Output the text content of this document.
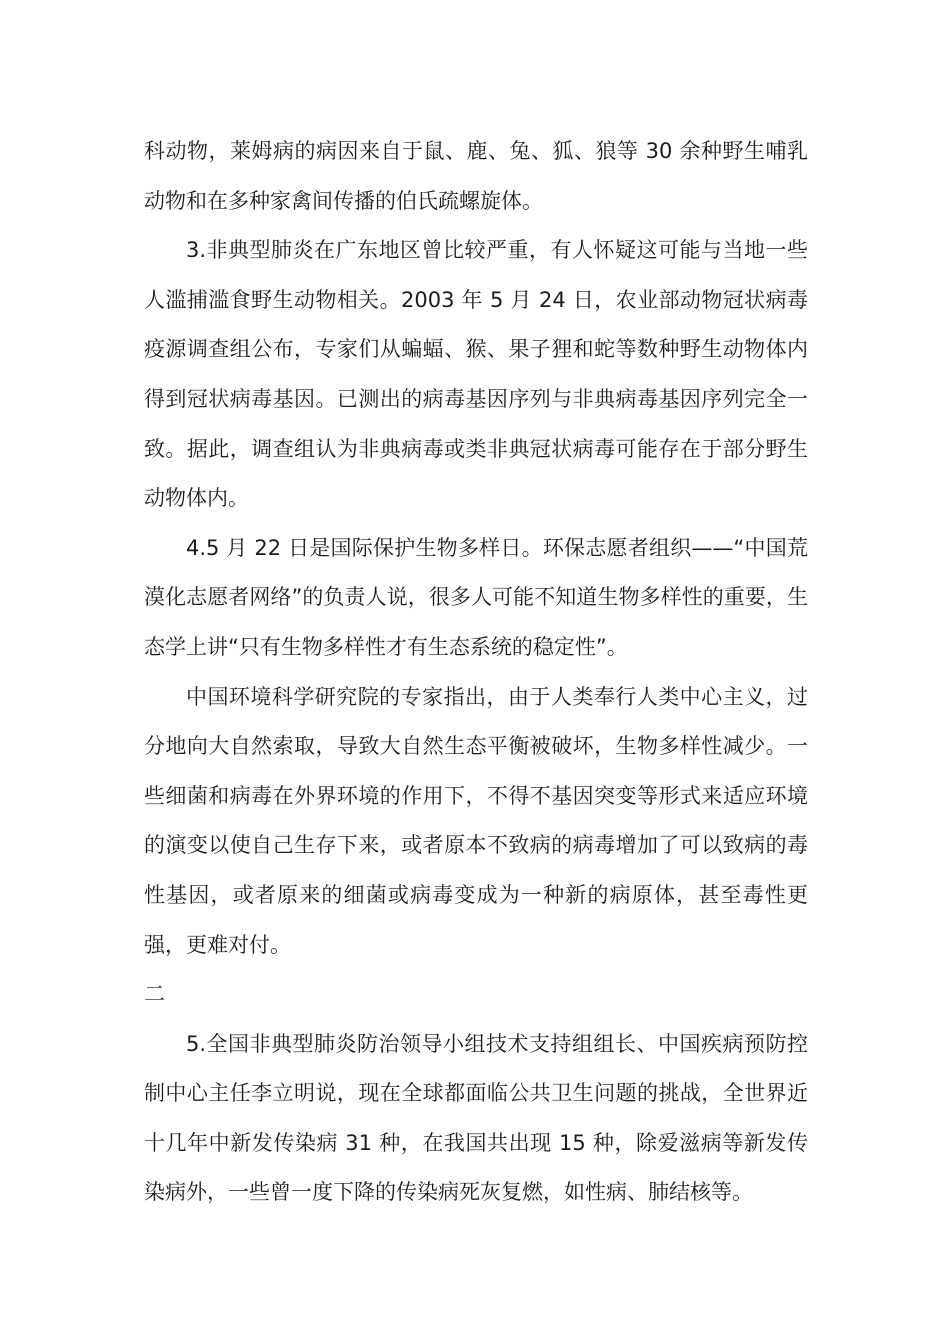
科动物，莱姆病的病因来自于鼠、鹿、兔、狐、狼等 30 余种野生哺乳动物和在多种家禽间传播的伯氏疏螺旋体。

3.非典型肺炎在广东地区曾比较严重，有人怀疑这可能与当地一些人滥捕滥食野生动物相关。2003 年 5 月 24 日，农业部动物冠状病毒疫源调查组公布，专家们从蝙蝠、猴、果子狸和蛇等数种野生动物体内得到冠状病毒基因。已测出的病毒基因序列与非典病毒基因序列完全一致。据此，调查组认为非典病毒或类非典冠状病毒可能存在于部分野生动物体内。

4.5 月 22 日是国际保护生物多样日。环保志愿者组织——“中国荒漠化志愿者网络”的负责人说，很多人可能不知道生物多样性的重要，生态学上讲“只有生物多样性才有生态系统的稳定性”。

中国环境科学研究院的专家指出，由于人类奉行人类中心主义，过分地向大自然索取，导致大自然生态平衡被破坏，生物多样性减少。一些细菌和病毒在外界环境的作用下，不得不基因突变等形式来适应环境的演变以使自己生存下来，或者原本不致病的病毒增加了可以致病的毒性基因，或者原来的细菌或病毒变成为一种新的病原体，甚至毒性更强，更难对付。

二

5.全国非典型肺炎防治领导小组技术支持组组长、中国疾病预防控制中心主任李立明说，现在全球都面临公共卫生问题的挑战，全世界近十几年中新发传染病 31 种，在我国共出现 15 种，除爱滋病等新发传染病外，一些曾一度下降的传染病死灰复燃，如性病、肺结核等。
